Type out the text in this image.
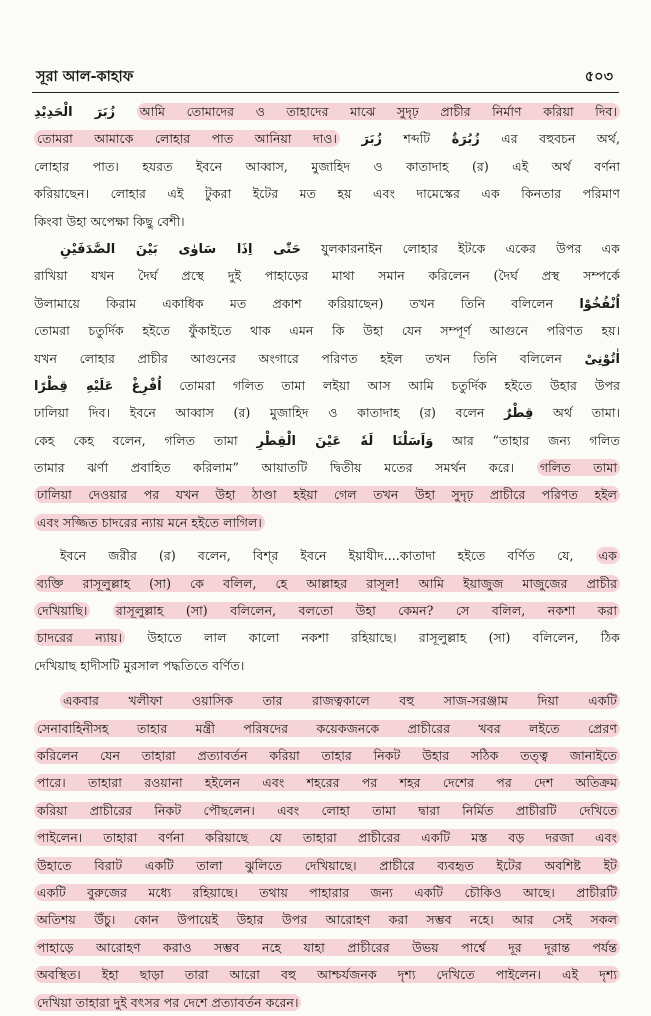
সূরা আল-কাহাফ	৫০৩
زُبَرَ الْحَدِيْدِ আমি তোমাদের ও তাহাদের মাঝে সুদৃঢ় প্রাচীর নির্মাণ করিয়া দিব।
তোমরা আমাকে লোহার পাত আনিয়া দাও। زُبَرَ শব্দটি زُبُرَةٌ এর বহুবচন অর্থ,
লোহার পাত। হযরত ইবনে আব্বাস, মুজাহিদ ও কাতাদাহ (র) এই অর্থ বর্ণনা
করিয়াছেন। লোহার এই টুকরা ইটের মত হয় এবং দামেস্কের এক কিনতার পরিমাণ
কিংবা উহা অপেক্ষা কিছু বেশী।
حَتّٰى اِذَا سَاوٰى بَيْنَ الصَّدَفَيْنِ যুলকারনাইন লোহার ইটকে একের উপর এক
রাখিয়া যখন দৈর্ঘ প্রস্থে দুই পাহাড়ের মাথা সমান করিলেন (দৈর্ঘ প্রস্থ সম্পর্কে
উলামায়ে কিরাম একাধিক মত প্রকাশ করিয়াছেন) তখন তিনি বলিলেন اُنْفُخُوْا
তোমরা চতুর্দিক হইতে ফুঁকাইতে থাক এমন কি উহা যেন সম্পূর্ণ আগুনে পরিণত হয়।
যখন লোহার প্রাচীর আগুনের অংগারে পরিণত হইল তখন তিনি বলিলেন اٰتُوْنِىْ
اُفْرِغْ عَلَيْهِ قِطْرًا তোমরা গলিত তামা লইয়া আস আমি চতুর্দিক হইতে উহার উপর
ঢালিয়া দিব। ইবনে আব্বাস (র) মুজাহিদ ও কাতাদাহ (র) বলেন قِطْرٌ অর্থ তামা।
কেহ কেহ বলেন, গলিত তামা وَاَسَلْنَا لَهٗ عَيْنَ الْقِطْرِ আর “তাহার জন্য গলিত
তামার ঝর্ণা প্রবাহিত করিলাম” আয়াতটি দ্বিতীয় মতের সমর্থন করে। গলিত তামা
ঢালিয়া দেওয়ার পর যখন উহা ঠাণ্ডা হইয়া গেল তখন উহা সুদৃঢ় প্রাচীরে পরিণত হইল
এবং সজ্জিত চাদরের ন্যায় মনে হইতে লাগিল।
ইবনে জরীর (র) বলেন, বিশ্‌র ইবনে ইয়াযীদ....কাতাদা হইতে বর্ণিত যে, এক
ব্যক্তি রাসূলুল্লাহ (সা) কে বলিল, হে আল্লাহর রাসূল! আমি ইয়াজুজ মাজুজের প্রাচীর
দেখিয়াছি। রাসূলুল্লাহ (সা) বলিলেন, বলতো উহা কেমন? সে বলিল, নকশা করা
চাদরের ন্যায়। উহাতে লাল কালো নকশা রহিয়াছে। রাসূলুল্লাহ (সা) বলিলেন, ঠিক
দেখিয়াছ হাদীসটি মুরসাল পদ্ধতিতে বর্ণিত।
একবার খলীফা ওয়াসিক তার রাজত্বকালে বহু সাজ-সরঞ্জাম দিয়া একটি
সেনাবাহিনীসহ তাহার মন্ত্রী পরিষদের কয়েকজনকে প্রাচীরের খবর লইতে প্রেরণ
করিলেন যেন তাহারা প্রত্যাবর্তন করিয়া তাহার নিকট উহার সঠিক তত্ত্ব জানাইতে
পারে। তাহারা রওয়ানা হইলেন এবং শহরের পর শহর দেশের পর দেশ অতিক্রম
করিয়া প্রাচীরের নিকট পৌছলেন। এবং লোহা তামা দ্বারা নির্মিত প্রাচীরটি দেখিতে
পাইলেন। তাহারা বর্ণনা করিয়াছে যে তাহারা প্রাচীরের একটি মস্ত বড় দরজা এবং
উহাতে বিরাট একটি তালা ঝুলিতে দেখিয়াছে। প্রাচীরে ব্যবহৃত ইটের অবশিষ্ট ইট
একটি বুরুজের মধ্যে রহিয়াছে। তথায় পাহারার জন্য একটি চৌকিও আছে। প্রাচীরটি
অতিশয় উঁচু। কোন উপায়েই উহার উপর আরোহণ করা সম্ভব নহে। আর সেই সকল
পাহাড়ে আরোহণ করাও সম্ভব নহে যাহা প্রাচীরের উভয় পার্শ্বে দূর দূরান্ত পর্যন্ত
অবস্থিত। ইহা ছাড়া তারা আরো বহু আশ্চর্যজনক দৃশ্য দেখিতে পাইলেন। এই দৃশ্য
দেখিয়া তাহারা দুই বৎসর পর দেশে প্রত্যাবর্তন করেন।
